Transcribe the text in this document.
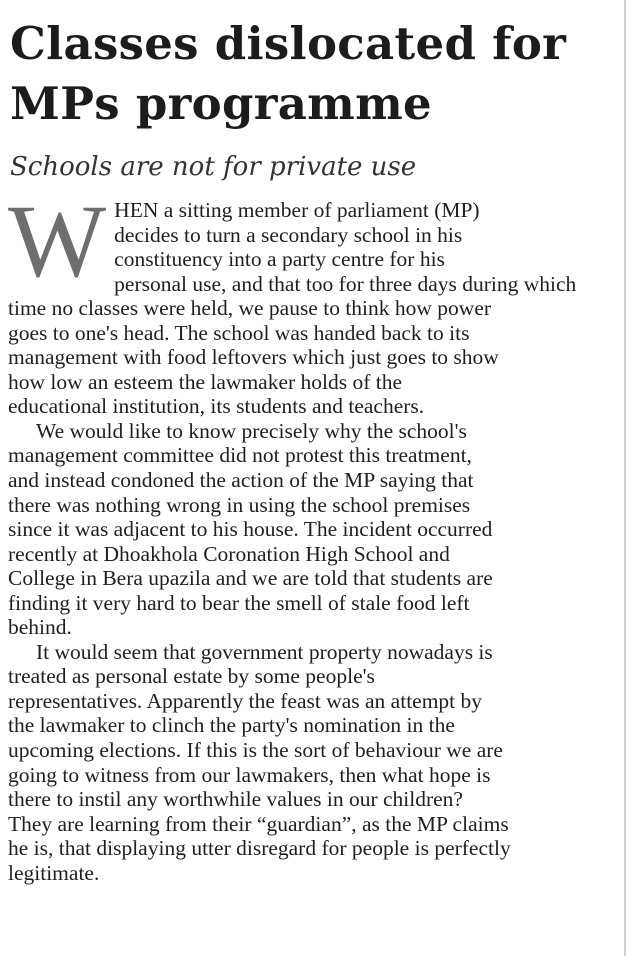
Classes dislocated for
MPs programme
Schools are not for private use

WHEN a sitting member of parliament (MP)
decides to turn a secondary school in his
constituency into a party centre for his
personal use, and that too for three days during which
time no classes were held, we pause to think how power
goes to one's head. The school was handed back to its
management with food leftovers which just goes to show
how low an esteem the lawmaker holds of the
educational institution, its students and teachers.

We would like to know precisely why the school's
management committee did not protest this treatment,
and instead condoned the action of the MP saying that
there was nothing wrong in using the school premises
since it was adjacent to his house. The incident occurred
recently at Dhoakhola Coronation High School and
College in Bera upazila and we are told that students are
finding it very hard to bear the smell of stale food left
behind.

It would seem that government property nowadays is
treated as personal estate by some people's
representatives. Apparently the feast was an attempt by
the lawmaker to clinch the party's nomination in the
upcoming elections. If this is the sort of behaviour we are
going to witness from our lawmakers, then what hope is
there to instil any worthwhile values in our children?
They are learning from their “guardian”, as the MP claims
he is, that displaying utter disregard for people is perfectly
legitimate.
